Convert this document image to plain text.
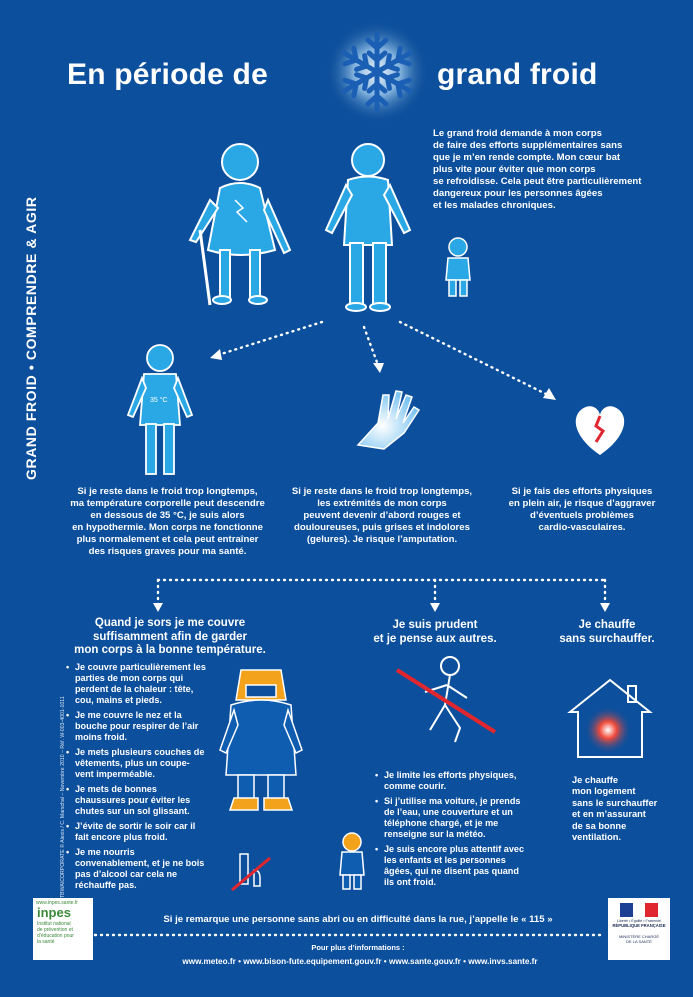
En période de	grand froid
GRAND FROID • COMPRENDRE & AGIR
Le grand froid demande à mon corps
de faire des efforts supplémentaires sans
que je m’en rende compte. Mon cœur bat
plus vite pour éviter que mon corps
se refroidisse. Cela peut être particulièrement
dangereux pour les personnes âgées
et les malades chroniques.
35 °C
Si je reste dans le froid trop longtemps,
ma température corporelle peut descendre
en dessous de 35 °C, je suis alors
en hypothermie. Mon corps ne fonctionne
plus normalement et cela peut entraîner
des risques graves pour ma santé.
Si je reste dans le froid trop longtemps,
les extrémités de mon corps
peuvent devenir d’abord rouges et
douloureuses, puis grises et indolores
(gelures). Je risque l’amputation.
Si je fais des efforts physiques
en plein air, je risque d’aggraver
d’éventuels problèmes
cardio-vasculaires.
Quand je sors je me couvre
suffisamment afin de garder
mon corps à la bonne température.
• Je couvre particulièrement les parties de mon corps qui perdent de la chaleur : tête, cou, mains et pieds.
• Je me couvre le nez et la bouche pour respirer de l’air moins froid.
• Je mets plusieurs couches de vêtements, plus un coupe-vent imperméable.
• Je mets de bonnes chaussures pour éviter les chutes sur un sol glissant.
• J’évite de sortir le soir car il fait encore plus froid.
• Je me nourris convenablement, et je ne bois pas d’alcool car cela ne réchauffe pas.
Je suis prudent
et je pense aux autres.
• Je limite les efforts physiques, comme courir.
• Si j’utilise ma voiture, je prends de l’eau, une couverture et un téléphone chargé, et je me renseigne sur la météo.
• Je suis encore plus attentif avec les enfants et les personnes âgées, qui ne disent pas quand ils ont froid.
Je chauffe
sans surchauffer.
Je chauffe
mon logement
sans le surchauffer
et en m’assurant
de sa bonne
ventilation.
TBWA\CORPORATE © Alexis / C. Marschal – Novembre 2010 – Réf. W-003-4001-1011
www.inpes.sante.fr
inpes
Institut national
de prévention et
d’éducation pour
la santé
Si je remarque une personne sans abri ou en difficulté dans la rue, j’appelle le « 115 »	Liberté • Égalité • Fraternité
RÉPUBLIQUE FRANÇAISE
MINISTÈRE CHARGÉ
DE LA SANTÉ
Pour plus d’informations :
www.meteo.fr • www.bison-fute.equipement.gouv.fr • www.sante.gouv.fr • www.invs.sante.fr
